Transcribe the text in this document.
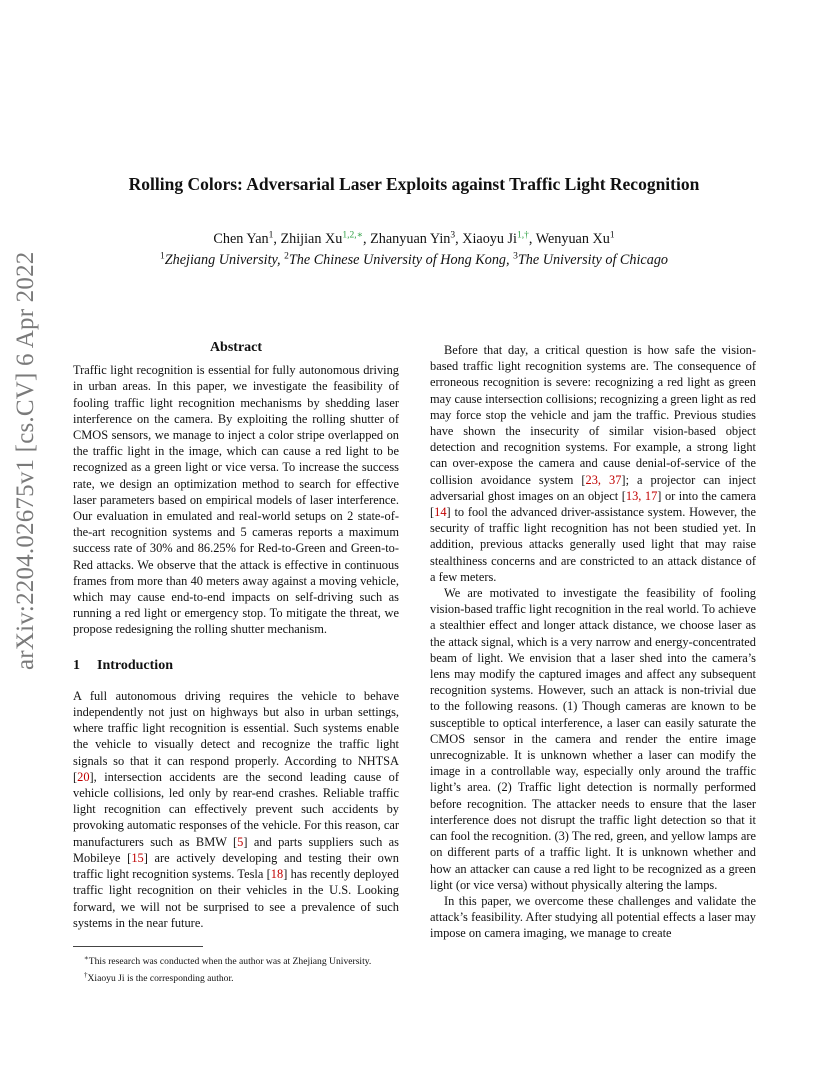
arXiv:2204.02675v1 [cs.CV] 6 Apr 2022
Rolling Colors: Adversarial Laser Exploits against Traffic Light Recognition
Chen Yan$^1$, Zhijian $Xu^{1,2,∗}$, Zhanyuan Yin$^3$, Xiaoyu $Ji^{1,\dagger}$, Wenyuan Xu$^1$
$^1$Zhejiang University, $^2$The Chinese University of Hong Kong, $^3$The University of Chicago
Abstract

Traffic light recognition is essential for fully autonomous driving in urban areas. In this paper, we investigate the feasibility of fooling traffic light recognition mechanisms by shedding laser interference on the camera. By exploiting the rolling shutter of CMOS sensors, we manage to inject a color stripe overlapped on the traffic light in the image, which can cause a red light to be recognized as a green light or vice versa. To increase the success rate, we design an optimization method to search for effective laser parameters based on empirical models of laser interference. Our evaluation in emulated and real-world setups on 2 state-of-the-art recognition systems and 5 cameras reports a maximum success rate of 30% and 86.25% for Red-to-Green and Green-to-Red attacks. We observe that the attack is effective in continuous frames from more than 40 meters away against a moving vehicle, which may cause end-to-end impacts on self-driving such as running a red light or emergency stop. To mitigate the threat, we propose redesigning the rolling shutter mechanism.

1 Introduction

A full autonomous driving requires the vehicle to behave independently not just on highways but also in urban settings, where traffic light recognition is essential. Such systems enable the vehicle to visually detect and recognize the traffic light signals so that it can respond properly. According to NHTSA [20], intersection accidents are the second leading cause of vehicle collisions, led only by rear-end crashes. Reliable traffic light recognition can effectively prevent such accidents by provoking automatic responses of the vehicle. For this reason, car manufacturers such as BMW [5] and parts suppliers such as Mobileye [15] are actively developing and testing their own traffic light recognition systems. Tesla [18] has recently deployed traffic light recognition on their vehicles in the U.S. Looking forward, we will not be surprised to see a prevalence of such systems in the near future.

Before that day, a critical question is how safe the vision-based traffic light recognition systems are. The consequence of erroneous recognition is severe: recognizing a red light as green may cause intersection collisions; recognizing a green light as red may force stop the vehicle and jam the traffic. Previous studies have shown the insecurity of similar vision-based object detection and recognition systems. For example, a strong light can over-expose the camera and cause denial-of-service of the collision avoidance system [23, 37]; a projector can inject adversarial ghost images on an object [13, 17] or into the camera [14] to fool the advanced driver-assistance system. However, the security of traffic light recognition has not been studied yet. In addition, previous attacks generally used light that may raise stealthiness concerns and are constricted to an attack distance of a few meters.

We are motivated to investigate the feasibility of fooling vision-based traffic light recognition in the real world. To achieve a stealthier effect and longer attack distance, we choose laser as the attack signal, which is a very narrow and energy-concentrated beam of light. We envision that a laser shed into the camera’s lens may modify the captured images and affect any subsequent recognition systems. However, such an attack is non-trivial due to the following reasons. (1) Though cameras are known to be susceptible to optical interference, a laser can easily saturate the CMOS sensor in the camera and render the entire image unrecognizable. It is unknown whether a laser can modify the image in a controllable way, especially only around the traffic light’s area. (2) Traffic light detection is normally performed before recognition. The attacker needs to ensure that the laser interference does not disrupt the traffic light detection so that it can fool the recognition. (3) The red, green, and yellow lamps are on different parts of a traffic light. It is unknown whether and how an attacker can cause a red light to be recognized as a green light (or vice versa) without physically altering the lamps.

In this paper, we overcome these challenges and validate the attack’s feasibility. After studying all potential effects a laser may impose on camera imaging, we manage to create

∗This research was conducted when the author was at Zhejiang University.

†Xiaoyu Ji is the corresponding author.
